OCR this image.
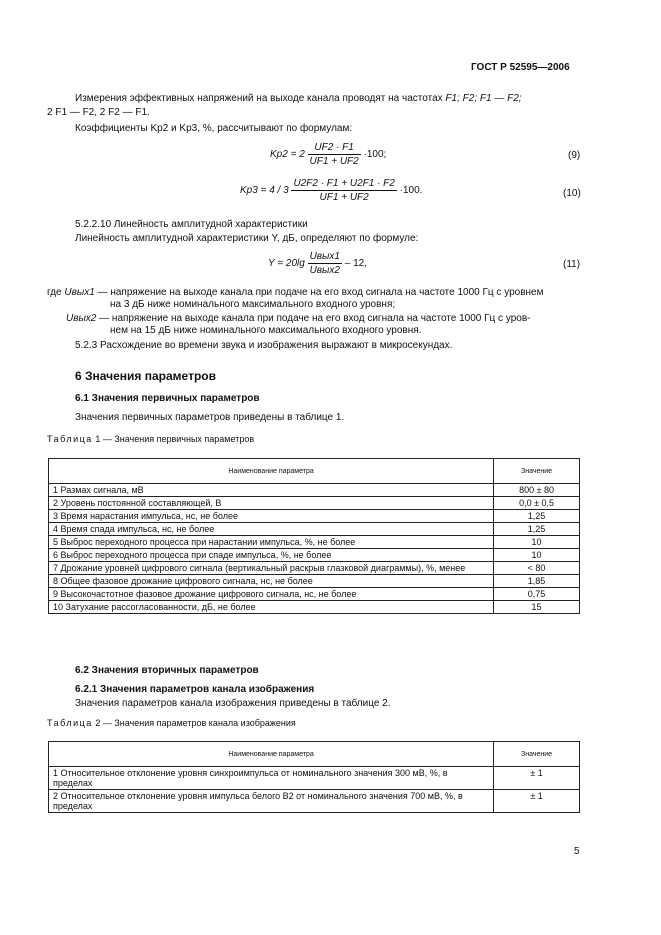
ГОСТ Р 52595—2006
Измерения эффективных напряжений на выходе канала проводят на частотах F1; F2; F1 — F2;
2 F1 — F2, 2 F2 — F1.
Коэффициенты Kp2 и Kp3, %, рассчитывают по формулам:
$Kp2 = 2 \frac{UF2 \cdot F1}{UF1 + UF2} \cdot 100$;	(9)
$Kp3 = 4 / 3 \frac{U2F2 \cdot F1 + U2F1 \cdot F2}{UF1 + UF2} \cdot 100$.	(10)
5.2.2.10 Линейность амплитудной характеристики
Линейность амплитудной характеристики Y, дБ, определяют по формуле:
$Y = 20\lg \frac{\text{Uвых1}}{\text{Uвых2}} - 12$,	(11)
где Uвых1 — напряжение на выходе канала при подаче на его вход сигнала на частоте 1000 Гц с уровнем
на 3 дБ ниже номинального максимального входного уровня;
Uвых2 — напряжение на выходе канала при подаче на его вход сигнала на частоте 1000 Гц с уров-
нем на 15 дБ ниже номинального максимального входного уровня.
5.2.3 Расхождение во времени звука и изображения выражают в микросекундах.
6 Значения параметров
6.1 Значения первичных параметров
Значения первичных параметров приведены в таблице 1.
Таблица 1 — Значения первичных параметров
Наименование параметра	Значение
1 Размах сигнала, мВ	800 ± 80
2 Уровень постоянной составляющей, В	0,0 ± 0,5
3 Время нарастания импульса, нс, не более	1,25
4 Время спада импульса, нс, не более	1,25
5 Выброс переходного процесса при нарастании импульса, %, не более	10
6 Выброс переходного процесса при спаде импульса, %, не более	10
7 Дрожание уровней цифрового сигнала (вертикальный раскрыв глазковой диаграммы), %, менее	< 80
8 Общее фазовое дрожание цифрового сигнала, нс, не более	1,85
9 Высокочастотное фазовое дрожание цифрового сигнала, нс, не более	0,75
10 Затухание рассогласованности, дБ, не более	15
6.2 Значения вторичных параметров
6.2.1 Значения параметров канала изображения
Значения параметров канала изображения приведены в таблице 2.
Таблица 2 — Значения параметров канала изображения
Наименование параметра	Значение
1 Относительное отклонение уровня синхроимпульса от номинального значения 300 мВ, %, в пределах	± 1
2 Относительное отклонение уровня импульса белого B2 от номинального значения 700 мВ, %, в пределах	± 1
5
